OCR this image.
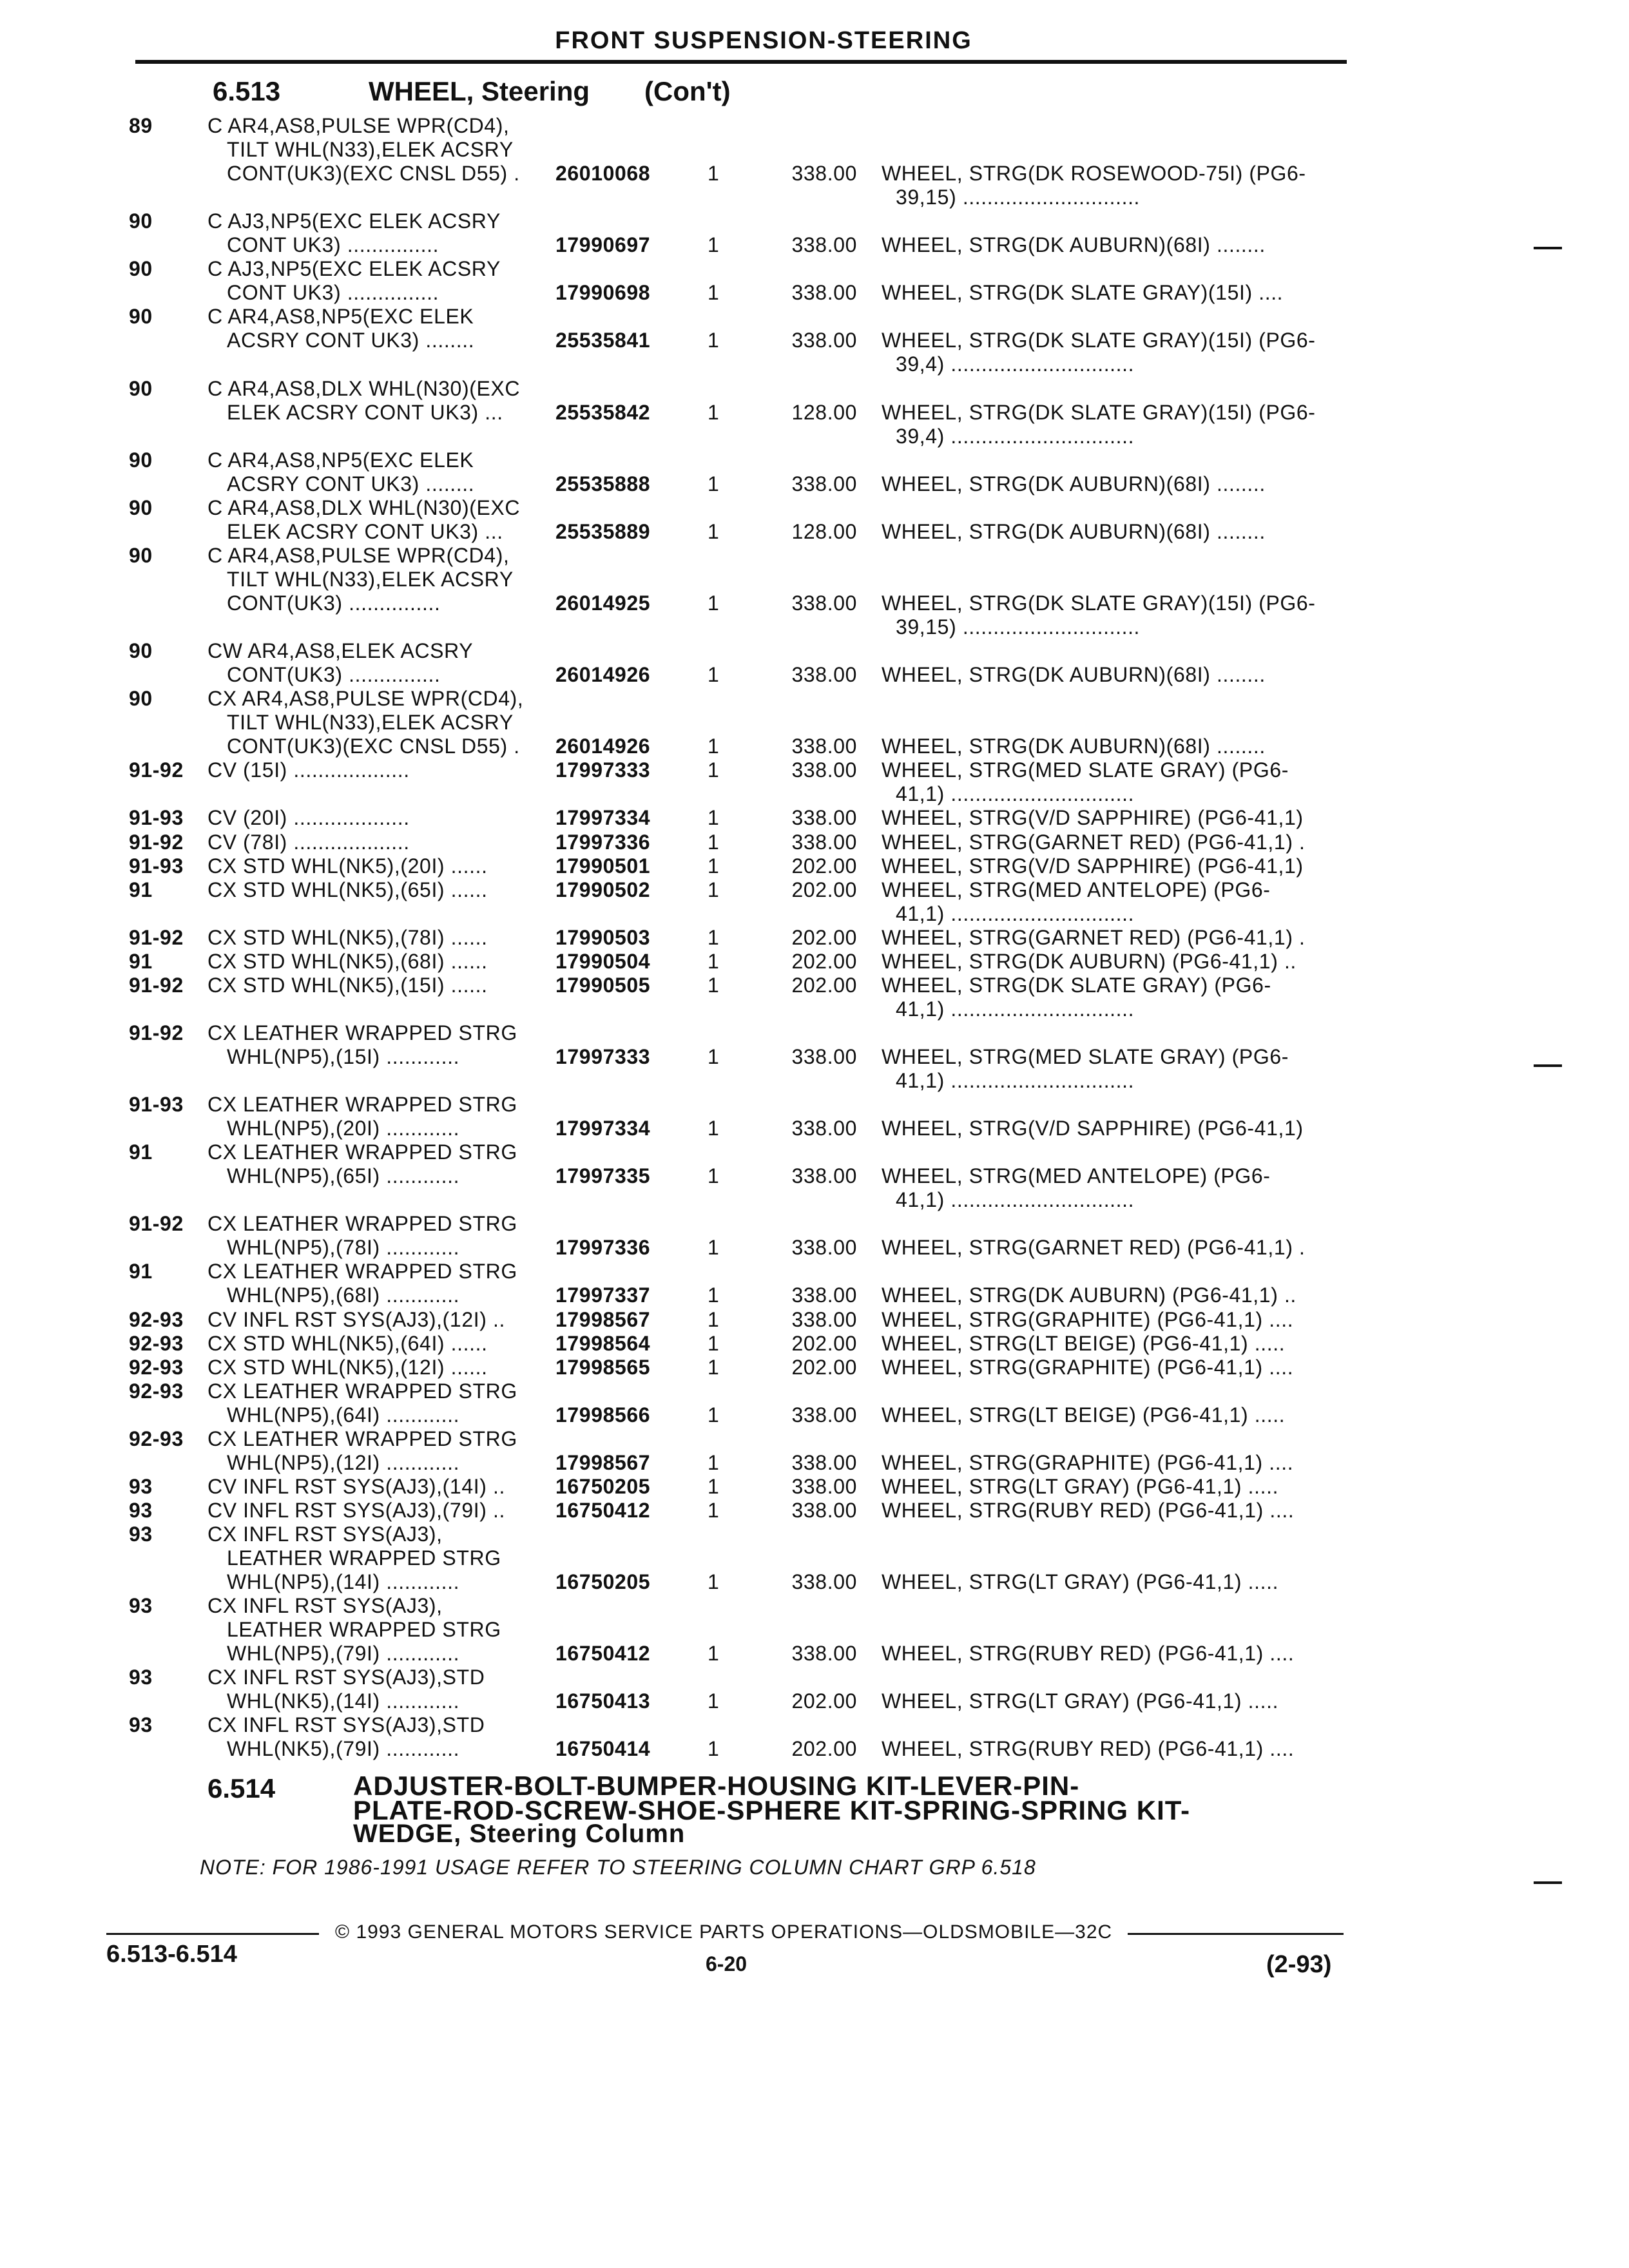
FRONT SUSPENSION-STEERING
6.513	WHEEL, Steering (Con't)
89	C AR4,AS8,PULSE WPR(CD4),
TILT WHL(N33),ELEK ACSRY
CONT(UK3)(EXC CNSL D55) . 26010068	1	338.00 WHEEL, STRG(DK ROSEWOOD-75I) (PG6-
39,15) .............................
90	C AJ3,NP5(EXC ELEK ACSRY
CONT UK3) ...............	17990697	1	338.00 WHEEL, STRG(DK AUBURN)(68I) ........
90	C AJ3,NP5(EXC ELEK ACSRY
CONT UK3) ...............	17990698	1	338.00 WHEEL, STRG(DK SLATE GRAY)(15I) ....
90	C AR4,AS8,NP5(EXC ELEK
ACSRY CONT UK3) ........	25535841	1	338.00 WHEEL, STRG(DK SLATE GRAY)(15I) (PG6-
39,4) ..............................
90	C AR4,AS8,DLX WHL(N30)(EXC
ELEK ACSRY CONT UK3) ...	25535842	1	128.00 WHEEL, STRG(DK SLATE GRAY)(15I) (PG6-
39,4) ..............................
90	C AR4,AS8,NP5(EXC ELEK
ACSRY CONT UK3) ........	25535888	1	338.00 WHEEL, STRG(DK AUBURN)(68I) ........
90	C AR4,AS8,DLX WHL(N30)(EXC
ELEK ACSRY CONT UK3) ...	25535889	1	128.00 WHEEL, STRG(DK AUBURN)(68I) ........
90	C AR4,AS8,PULSE WPR(CD4),
TILT WHL(N33),ELEK ACSRY
CONT(UK3) ...............	26014925	1	338.00 WHEEL, STRG(DK SLATE GRAY)(15I) (PG6-
39,15) .............................
90	CW AR4,AS8,ELEK ACSRY
CONT(UK3) ...............	26014926	1	338.00 WHEEL, STRG(DK AUBURN)(68I) ........
90	CX AR4,AS8,PULSE WPR(CD4),
TILT WHL(N33),ELEK ACSRY
CONT(UK3)(EXC CNSL D55) . 26014926	1	338.00 WHEEL, STRG(DK AUBURN)(68I) ........
91-92 CV (15I) ...................	17997333	1	338.00 WHEEL, STRG(MED SLATE GRAY) (PG6-
41,1) ..............................
91-93 CV (20I) ...................	17997334	1	338.00 WHEEL, STRG(V/D SAPPHIRE) (PG6-41,1)
91-92 CV (78I) ...................	17997336	1	338.00 WHEEL, STRG(GARNET RED) (PG6-41,1) .
91-93 CX STD WHL(NK5),(20I) ......	17990501	1	202.00 WHEEL, STRG(V/D SAPPHIRE) (PG6-41,1)
91	CX STD WHL(NK5),(65I) ......	17990502	1	202.00 WHEEL, STRG(MED ANTELOPE) (PG6-
41,1) ..............................
91-92 CX STD WHL(NK5),(78I) ......	17990503	1	202.00 WHEEL, STRG(GARNET RED) (PG6-41,1) .
91	CX STD WHL(NK5),(68I) ......	17990504	1	202.00 WHEEL, STRG(DK AUBURN) (PG6-41,1) ..
91-92 CX STD WHL(NK5),(15I) ......	17990505	1	202.00 WHEEL, STRG(DK SLATE GRAY) (PG6-
41,1) ..............................
91-92 CX LEATHER WRAPPED STRG
WHL(NP5),(15I) ............	17997333	1	338.00 WHEEL, STRG(MED SLATE GRAY) (PG6-
41,1) ..............................
91-93 CX LEATHER WRAPPED STRG
WHL(NP5),(20I) ............	17997334	1	338.00 WHEEL, STRG(V/D SAPPHIRE) (PG6-41,1)
91	CX LEATHER WRAPPED STRG
WHL(NP5),(65I) ............	17997335	1	338.00 WHEEL, STRG(MED ANTELOPE) (PG6-
41,1) ..............................
91-92 CX LEATHER WRAPPED STRG
WHL(NP5),(78I) ............	17997336	1	338.00 WHEEL, STRG(GARNET RED) (PG6-41,1) .
91	CX LEATHER WRAPPED STRG
WHL(NP5),(68I) ............	17997337	1	338.00 WHEEL, STRG(DK AUBURN) (PG6-41,1) ..
92-93 CV INFL RST SYS(AJ3),(12I) .. 17998567	1	338.00 WHEEL, STRG(GRAPHITE) (PG6-41,1) ....
92-93 CX STD WHL(NK5),(64I) ......	17998564	1	202.00 WHEEL, STRG(LT BEIGE) (PG6-41,1) .....
92-93 CX STD WHL(NK5),(12I) ......	17998565	1	202.00 WHEEL, STRG(GRAPHITE) (PG6-41,1) ....
92-93 CX LEATHER WRAPPED STRG
WHL(NP5),(64I) ............	17998566	1	338.00 WHEEL, STRG(LT BEIGE) (PG6-41,1) .....
92-93 CX LEATHER WRAPPED STRG
WHL(NP5),(12I) ............	17998567	1	338.00 WHEEL, STRG(GRAPHITE) (PG6-41,1) ....
93	CV INFL RST SYS(AJ3),(14I) .. 16750205	1	338.00 WHEEL, STRG(LT GRAY) (PG6-41,1) .....
93	CV INFL RST SYS(AJ3),(79I) .. 16750412	1	338.00 WHEEL, STRG(RUBY RED) (PG6-41,1) ....
93	CX INFL RST SYS(AJ3),
LEATHER WRAPPED STRG
WHL(NP5),(14I) ............	16750205	1	338.00 WHEEL, STRG(LT GRAY) (PG6-41,1) .....
93	CX INFL RST SYS(AJ3),
LEATHER WRAPPED STRG
WHL(NP5),(79I) ............	16750412	1	338.00 WHEEL, STRG(RUBY RED) (PG6-41,1) ....
93	CX INFL RST SYS(AJ3),STD
WHL(NK5),(14I) ............	16750413	1	202.00 WHEEL, STRG(LT GRAY) (PG6-41,1) .....
93	CX INFL RST SYS(AJ3),STD
WHL(NK5),(79I) ............	16750414	1	202.00 WHEEL, STRG(RUBY RED) (PG6-41,1) ....
6.514	ADJUSTER-BOLT-BUMPER-HOUSING KIT-LEVER-PIN-
PLATE-ROD-SCREW-SHOE-SPHERE KIT-SPRING-SPRING KIT-
WEDGE, Steering Column
NOTE: FOR 1986-1991 USAGE REFER TO STEERING COLUMN CHART GRP 6.518
© 1993 GENERAL MOTORS SERVICE PARTS OPERATIONS—OLDSMOBILE—32C
6.513-6.514	6-20	(2-93)
